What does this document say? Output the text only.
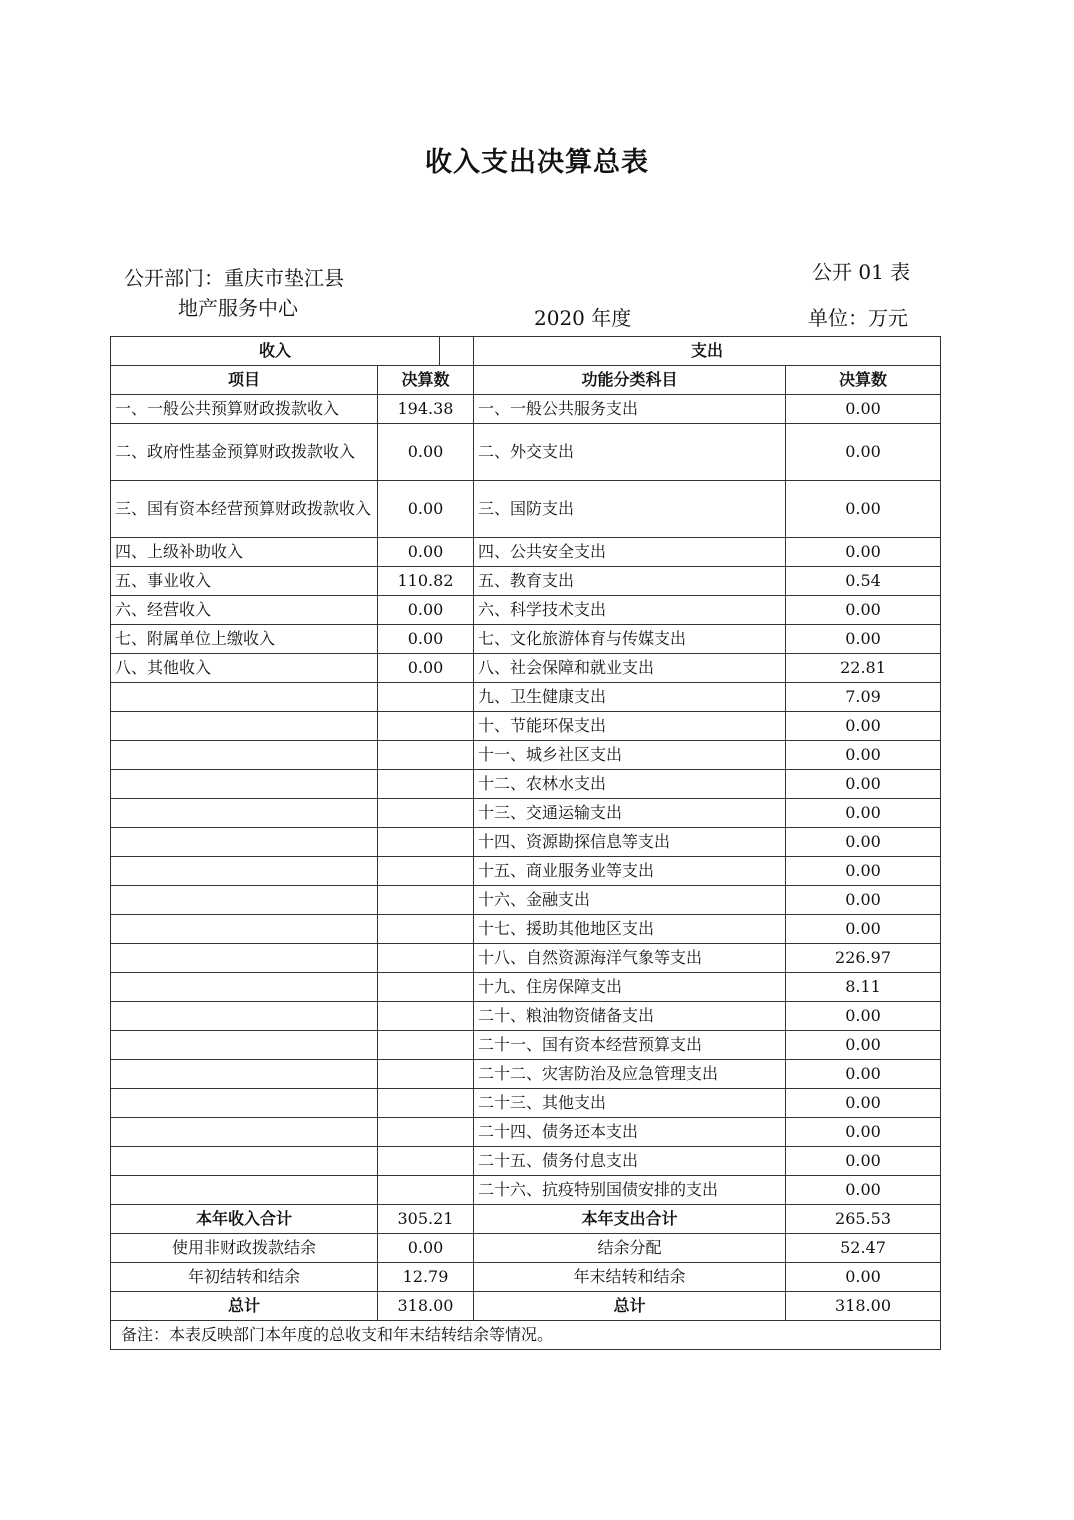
收入支出决算总表
公开部门：重庆市垫江县
地产服务中心
公开 01 表
2020 年度	单位：万元
收入		支出	
项目	决算数	功能分类科目	决算数
一、一般公共预算财政拨款收入	194.38	一、一般公共服务支出	0.00
二、政府性基金预算财政拨款收入	0.00	二、外交支出	0.00
三、国有资本经营预算财政拨款收入	0.00	三、国防支出	0.00
四、上级补助收入	0.00	四、公共安全支出	0.00
五、事业收入	110.82	五、教育支出	0.54
六、经营收入	0.00	六、科学技术支出	0.00
七、附属单位上缴收入	0.00	七、文化旅游体育与传媒支出	0.00
八、其他收入	0.00	八、社会保障和就业支出	22.81
		九、卫生健康支出	7.09
		十、节能环保支出	0.00
		十一、城乡社区支出	0.00
		十二、农林水支出	0.00
		十三、交通运输支出	0.00
		十四、资源勘探信息等支出	0.00
		十五、商业服务业等支出	0.00
		十六、金融支出	0.00
		十七、援助其他地区支出	0.00
		十八、自然资源海洋气象等支出	226.97
		十九、住房保障支出	8.11
		二十、粮油物资储备支出	0.00
		二十一、国有资本经营预算支出	0.00
		二十二、灾害防治及应急管理支出	0.00
		二十三、其他支出	0.00
		二十四、债务还本支出	0.00
		二十五、债务付息支出	0.00
		二十六、抗疫特别国债安排的支出	0.00
本年收入合计	305.21	本年支出合计	265.53
使用非财政拨款结余	0.00	结余分配	52.47
年初结转和结余	12.79	年末结转和结余	0.00
总计	318.00	总计	318.00
备注：本表反映部门本年度的总收支和年末结转结余等情况。			
